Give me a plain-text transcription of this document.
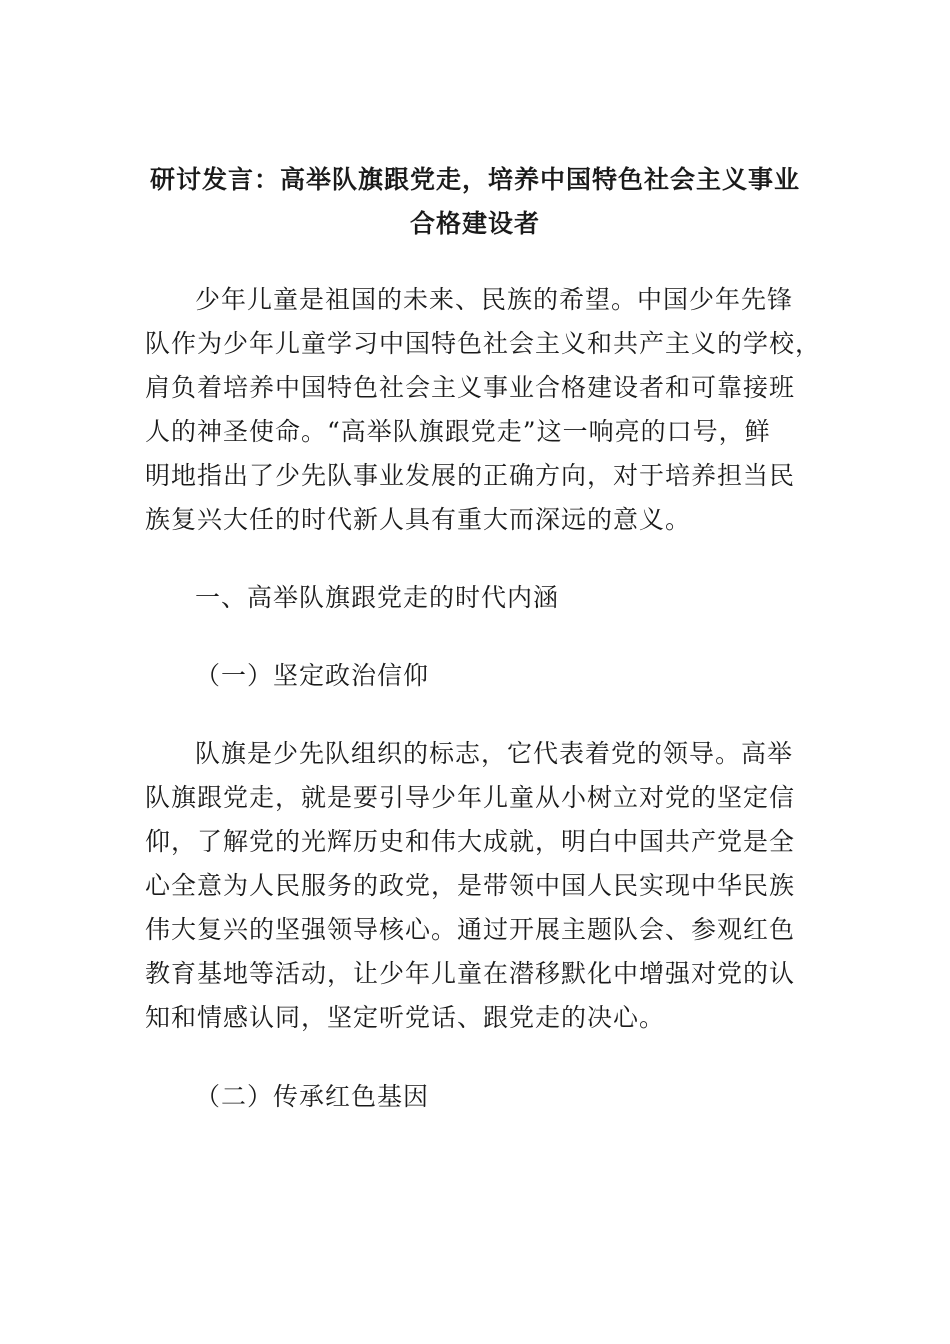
研讨发言：高举队旗跟党走，培养中国特色社会主义事业
合格建设者
少年儿童是祖国的未来、民族的希望。中国少年先锋
队作为少年儿童学习中国特色社会主义和共产主义的学校，
肩负着培养中国特色社会主义事业合格建设者和可靠接班
人的神圣使命。“高举队旗跟党走”这一响亮的口号，鲜
明地指出了少先队事业发展的正确方向，对于培养担当民
族复兴大任的时代新人具有重大而深远的意义。
一、高举队旗跟党走的时代内涵
（一）坚定政治信仰
队旗是少先队组织的标志，它代表着党的领导。高举
队旗跟党走，就是要引导少年儿童从小树立对党的坚定信
仰，了解党的光辉历史和伟大成就，明白中国共产党是全
心全意为人民服务的政党，是带领中国人民实现中华民族
伟大复兴的坚强领导核心。通过开展主题队会、参观红色
教育基地等活动，让少年儿童在潜移默化中增强对党的认
知和情感认同，坚定听党话、跟党走的决心。
（二）传承红色基因
